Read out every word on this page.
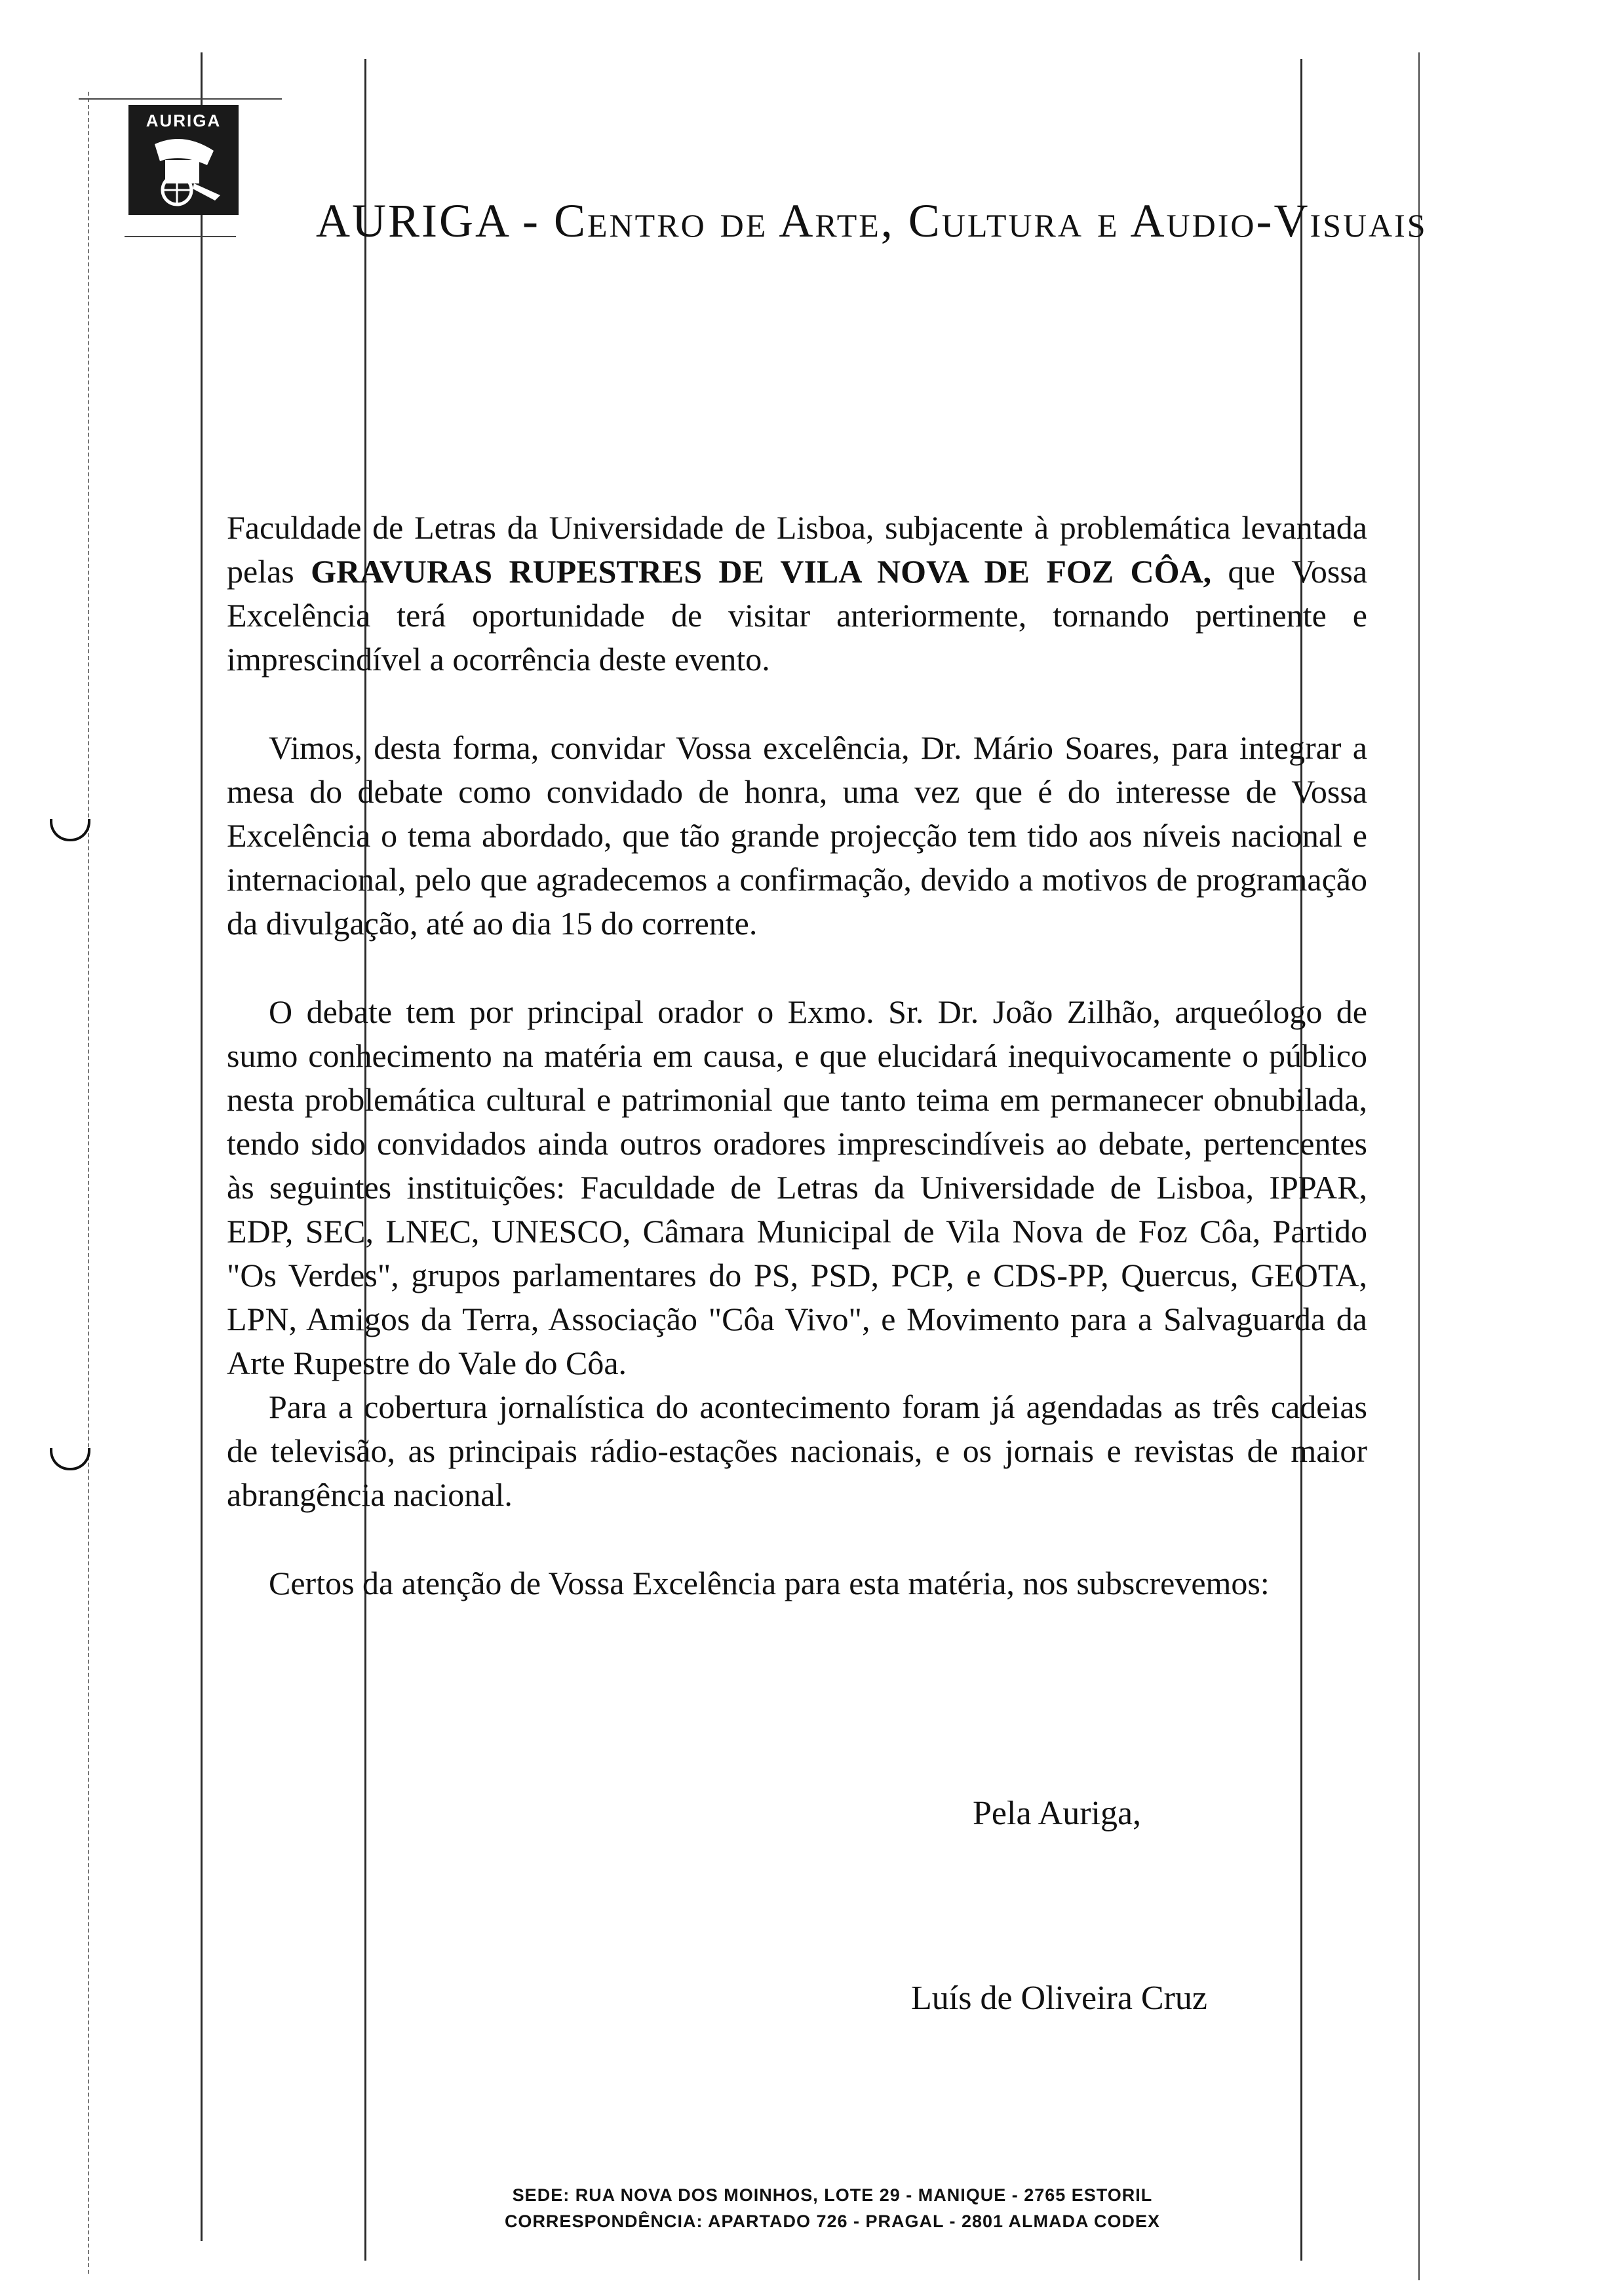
AURIGA
AURIGA - Centro de Arte, Cultura e Audio-Visuais

Faculdade de Letras da Universidade de Lisboa, subjacente à problemática levantada pelas GRAVURAS RUPESTRES DE VILA NOVA DE FOZ CÔA, que Vossa Excelência terá oportunidade de visitar anteriormente, tornando pertinente e imprescindível a ocorrência deste evento.

Vimos, desta forma, convidar Vossa excelência, Dr. Mário Soares, para integrar a mesa do debate como convidado de honra, uma vez que é do interesse de Vossa Excelência o tema abordado, que tão grande projecção tem tido aos níveis nacional e internacional, pelo que agradecemos a confirmação, devido a motivos de programação da divulgação, até ao dia 15 do corrente.

O debate tem por principal orador o Exmo. Sr. Dr. João Zilhão, arqueólogo de sumo conhecimento na matéria em causa, e que elucidará inequivocamente o público nesta problemática cultural e patrimonial que tanto teima em permanecer obnubilada, tendo sido convidados ainda outros oradores imprescindíveis ao debate, pertencentes às seguintes instituições: Faculdade de Letras da Universidade de Lisboa, IPPAR, EDP, SEC, LNEC, UNESCO, Câmara Municipal de Vila Nova de Foz Côa, Partido "Os Verdes", grupos parlamentares do PS, PSD, PCP, e CDS-PP, Quercus, GEOTA, LPN, Amigos da Terra, Associação "Côa Vivo", e Movimento para a Salvaguarda da Arte Rupestre do Vale do Côa.

Para a cobertura jornalística do acontecimento foram já agendadas as três cadeias de televisão, as principais rádio-estações nacionais, e os jornais e revistas de maior abrangência nacional.

Certos da atenção de Vossa Excelência para esta matéria, nos subscrevemos:

Pela Auriga,
Luís de Oliveira Cruz
SEDE: RUA NOVA DOS MOINHOS, LOTE 29 - MANIQUE - 2765 ESTORIL
CORRESPONDÊNCIA: APARTADO 726 - PRAGAL - 2801 ALMADA CODEX
